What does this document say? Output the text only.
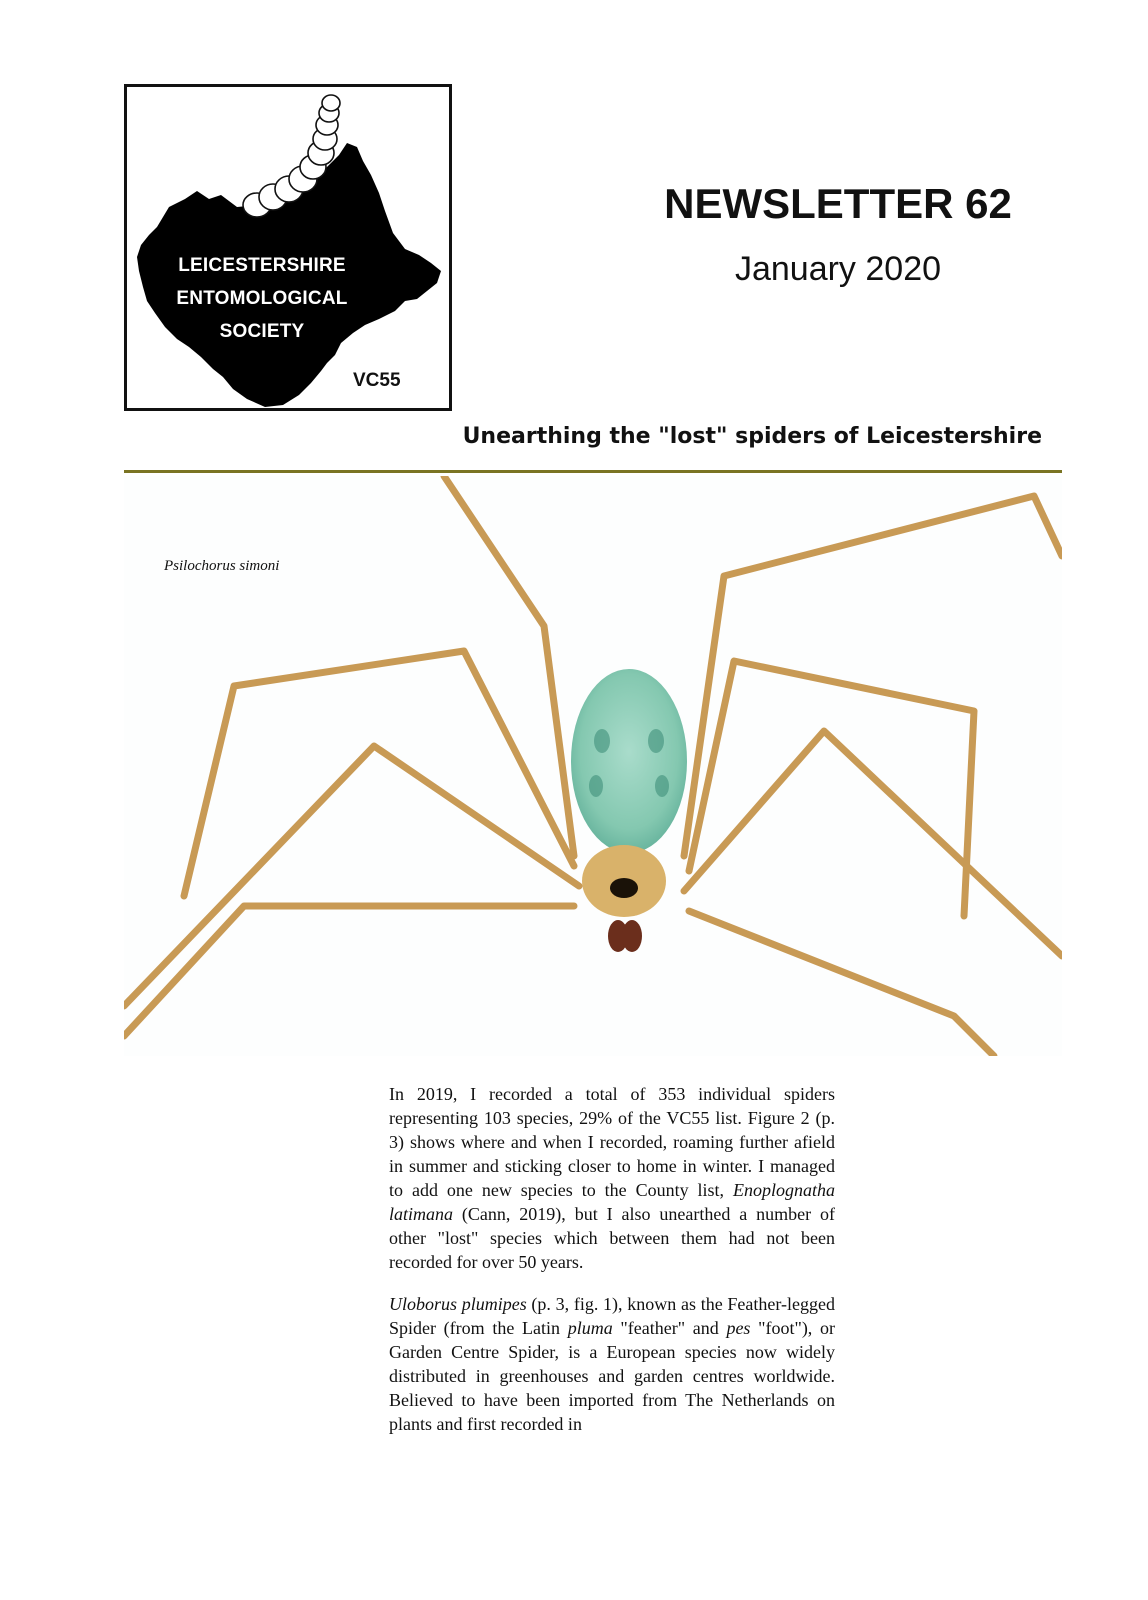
LEICESTERSHIRE
ENTOMOLOGICAL
SOCIETY
VC55
NEWSLETTER 62
January 2020
Unearthing the "lost" spiders of Leicestershire
Psilochorus simoni

In 2019, I recorded a total of 353 individual spiders representing 103 species, 29% of the VC55 list. Figure 2 (p. 3) shows where and when I recorded, roaming further afield in summer and sticking closer to home in winter. I managed to add one new species to the County list, Enoplognatha latimana (Cann, 2019), but I also unearthed a number of other "lost" species which between them had not been recorded for over 50 years.

Uloborus plumipes (p. 3, fig. 1), known as the Feather-legged Spider (from the Latin pluma "feather" and pes "foot"), or Garden Centre Spider, is a European species now widely distributed in greenhouses and garden centres worldwide. Believed to have been imported from The Netherlands on plants and first recorded in
